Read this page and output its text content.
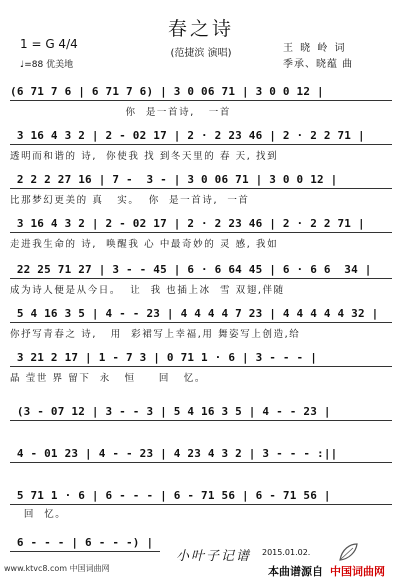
1 = G 4/4
♩=88 优美地
春之诗
(范捷滨 演唱)	王 晓 岭 词
季承、晓蕴 曲
(6 71 7 6 | 6 71 7 6) | 3 0 06 71 | 3 0 0 12 |
你  是一首诗,   一首
3 16 4 3 2 | 2 - 02 17 | 2 · 2 23 46 | 2 · 2 2 71 |
透明而和谐的 诗,  你使我 找 到冬天里的 春 天, 找到
2 2 2 27 16 | 7 -  3 - | 3 0 06 71 | 3 0 0 12 |
比那梦幻更美的 真   实。  你  是一首诗,  一首
3 16 4 3 2 | 2 - 02 17 | 2 · 2 23 46 | 2 · 2 2 71 |
走进我生命的 诗,  唤醒我 心 中最奇妙的 灵 感, 我如
22 25 71 27 | 3 - - 45 | 6 · 6 64 45 | 6 · 6 6  34 |
成为诗人便是从今日。  让  我 也插上冰  雪 双翅,伴随
5 4 16 3 5 | 4 - - 23 | 4 4 4 4 7 23 | 4 4 4 4 4 32 |
你抒写青春之 诗,   用  彩裙写上幸福,用 舞姿写上创造,给
3 21 2 17 | 1 - 7 3 | 0 71 1 · 6 | 3 - - - |
晶 莹世 界 留下  永   恒     回   忆。
(3 - 07 12 | 3 - - 3 | 5 4 16 3 5 | 4 - - 23 |
4 - 01 23 | 4 - - 23 | 4 23 4 3 2 | 3 - - - :||
5 71 1 · 6 | 6 - - - | 6 - 71 56 | 6 - 71 56 |
回  忆。
6 - - - | 6 - - -) |
小叶子记谱 2015.01.02.
www.ktvc8.com 中国词曲网	本曲谱源自 中国词曲网
